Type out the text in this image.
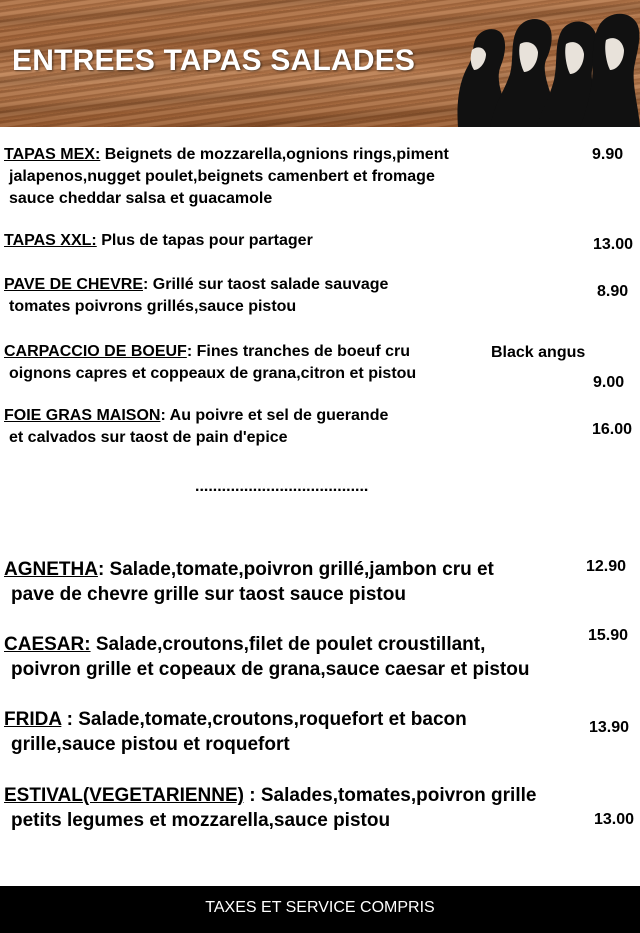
ENTREES TAPAS SALADES
TAPAS MEX: Beignets de mozzarella,ognions rings,piment
jalapenos,nugget poulet,beignets camenbert et fromage
sauce cheddar salsa et guacamole
9.90
TAPAS XXL: Plus de tapas pour partager	13.00
PAVE DE CHEVRE: Grillé sur taost salade sauvage
tomates poivrons grillés,sauce pistou
8.90
CARPACCIO DE BOEUF: Fines tranches de boeuf cru
oignons capres et coppeaux de grana,citron et pistou
Black angus
9.00
FOIE GRAS MAISON: Au poivre et sel de guerande
et calvados sur taost de pain d'epice	16.00
.......................................
AGNETHA: Salade,tomate,poivron grillé,jambon cru et
pave de chevre grille sur taost sauce pistou
12.90
CAESAR: Salade,croutons,filet de poulet croustillant,
poivron grille et copeaux de grana,sauce caesar et pistou
15.90
FRIDA : Salade,tomate,croutons,roquefort et bacon
grille,sauce pistou et roquefort
13.90
ESTIVAL(VEGETARIENNE) : Salades,tomates,poivron grille
petits legumes et mozzarella,sauce pistou	13.00
TAXES ET SERVICE COMPRIS
